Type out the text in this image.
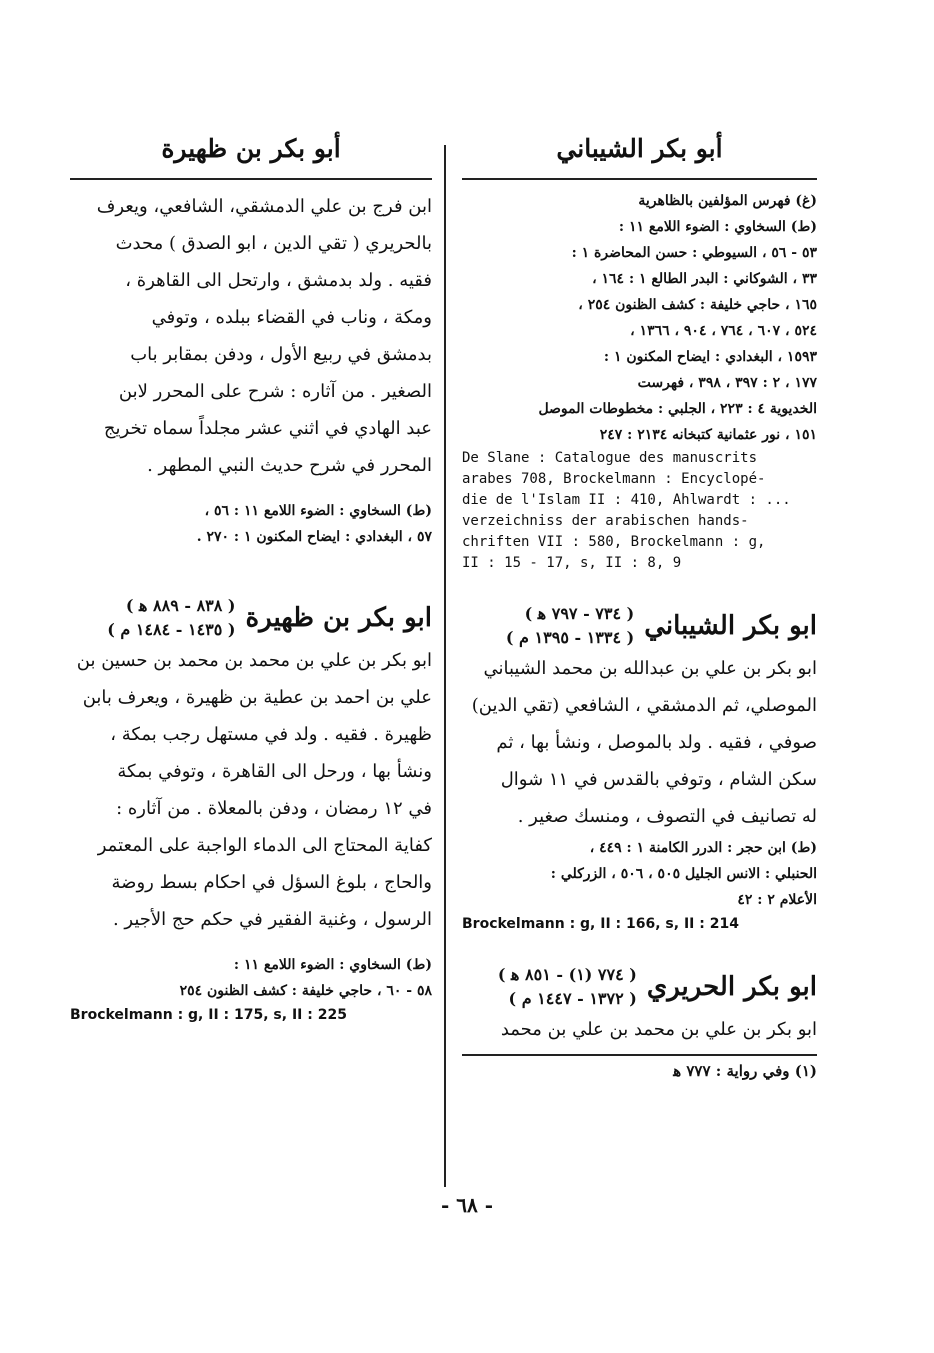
أبو بكر الشيباني

(غ) فهرس المؤلفين بالظاهرية

(ط) السخاوي : الضوء اللامع ١١ :

٥٣ - ٥٦ ، السيوطي : حسن المحاضرة ١ :

٣٣ ، الشوكاني : البدر الطالع ١ : ١٦٤ ،

١٦٥ ، حاجي خليفة : كشف الظنون ٢٥٤ ،

٥٢٤ ، ٦٠٧ ، ٧٦٤ ، ٩٠٤ ، ١٣٦٦ ،

١٥٩٣ ، البغدادي : ايضاح المكنون ١ :

١٧٧ ، ٢ : ٣٩٧ ، ٣٩٨ ، فهرست

الخديوية ٤ : ٢٢٣ ، الجلبي : مخطوطات الموصل

١٥١ ، نور عثمانية كتبخانه ٢١٣٤ : ٢٤٧

De Slane : Catalogue des manuscrits
arabes 708, Brockelmann : Encyclopé-
die de l'Islam II : 410, Ahlwardt : ...
verzeichniss der arabischen hands-
chriften VII : 580, Brockelmann : g,
II : 15 - 17, s, II : 8, 9
ابو بكر الشيباني
( ٧٣٤ - ٧٩٧ ﻫ )
( ١٣٣٤ - ١٣٩٥ م )

ابو بكر بن علي بن عبدالله بن محمد الشيباني

الموصلي، ثم الدمشقي ، الشافعي (تقي الدين)

صوفي ، فقيه . ولد بالموصل ، ونشأ بها ، ثم

سكن الشام ، وتوفي بالقدس في ١١ شوال

له تصانيف في التصوف ، ومنسك صغير .

(ط) ابن حجر : الدرر الكامنة ١ : ٤٤٩ ،

الحنبلي : الانس الجليل ٥٠٥ ، ٥٠٦ ، الزركلي :

الأعلام ٢ : ٤٢

Brockelmann : g, II : 166, s, II : 214
ابو بكر الحريري
( ٧٧٤ (١) - ٨٥١ ﻫ )
( ١٣٧٢ - ١٤٤٧ م )

ابو بكر بن علي بن محمد بن علي بن محمد

(١) وفي رواية : ٧٧٧ ﻫ

أبو بكر بن ظهيرة

ابن فرج بن علي الدمشقي، الشافعي، ويعرف

بالحريري ( تقي الدين ، ابو الصدق ) محدث

فقيه . ولد بدمشق ، وارتحل الى القاهرة ،

ومكة ، وناب في القضاء ببلده ، وتوفي

بدمشق في ربيع الأول ، ودفن بمقابر باب

الصغير . من آثاره : شرح على المحرر لابن

عبد الهادي في اثني عشر مجلداً سماه تخريج

المحرر في شرح حديث النبي المطهر .

(ط) السخاوي : الضوء اللامع ١١ : ٥٦ ،

٥٧ ، البغدادي : ايضاح المكنون ١ : ٢٧٠ .

ابو بكر بن ظهيرة
( ٨٣٨ - ٨٨٩ ﻫ )
( ١٤٣٥ - ١٤٨٤ م )

ابو بكر بن علي بن محمد بن محمد بن حسين بن

علي بن احمد بن عطية بن ظهيرة ، ويعرف بابن

ظهيرة . فقيه . ولد في مستهل رجب بمكة ،

ونشأ بها ، ورحل الى القاهرة ، وتوفي بمكة

في ١٢ رمضان ، ودفن بالمعلاة . من آثاره :

كفاية المحتاج الى الدماء الواجبة على المعتمر

والحاج ، بلوغ السؤل في احكام بسط روضة

الرسول ، وغنية الفقير في حكم حج الأجير .

(ط) السخاوي : الضوء اللامع ١١ :

٥٨ - ٦٠ ، حاجي خليفة : كشف الظنون ٢٥٤

Brockelmann : g, II : 175, s, II : 225
- ٦٨ -
